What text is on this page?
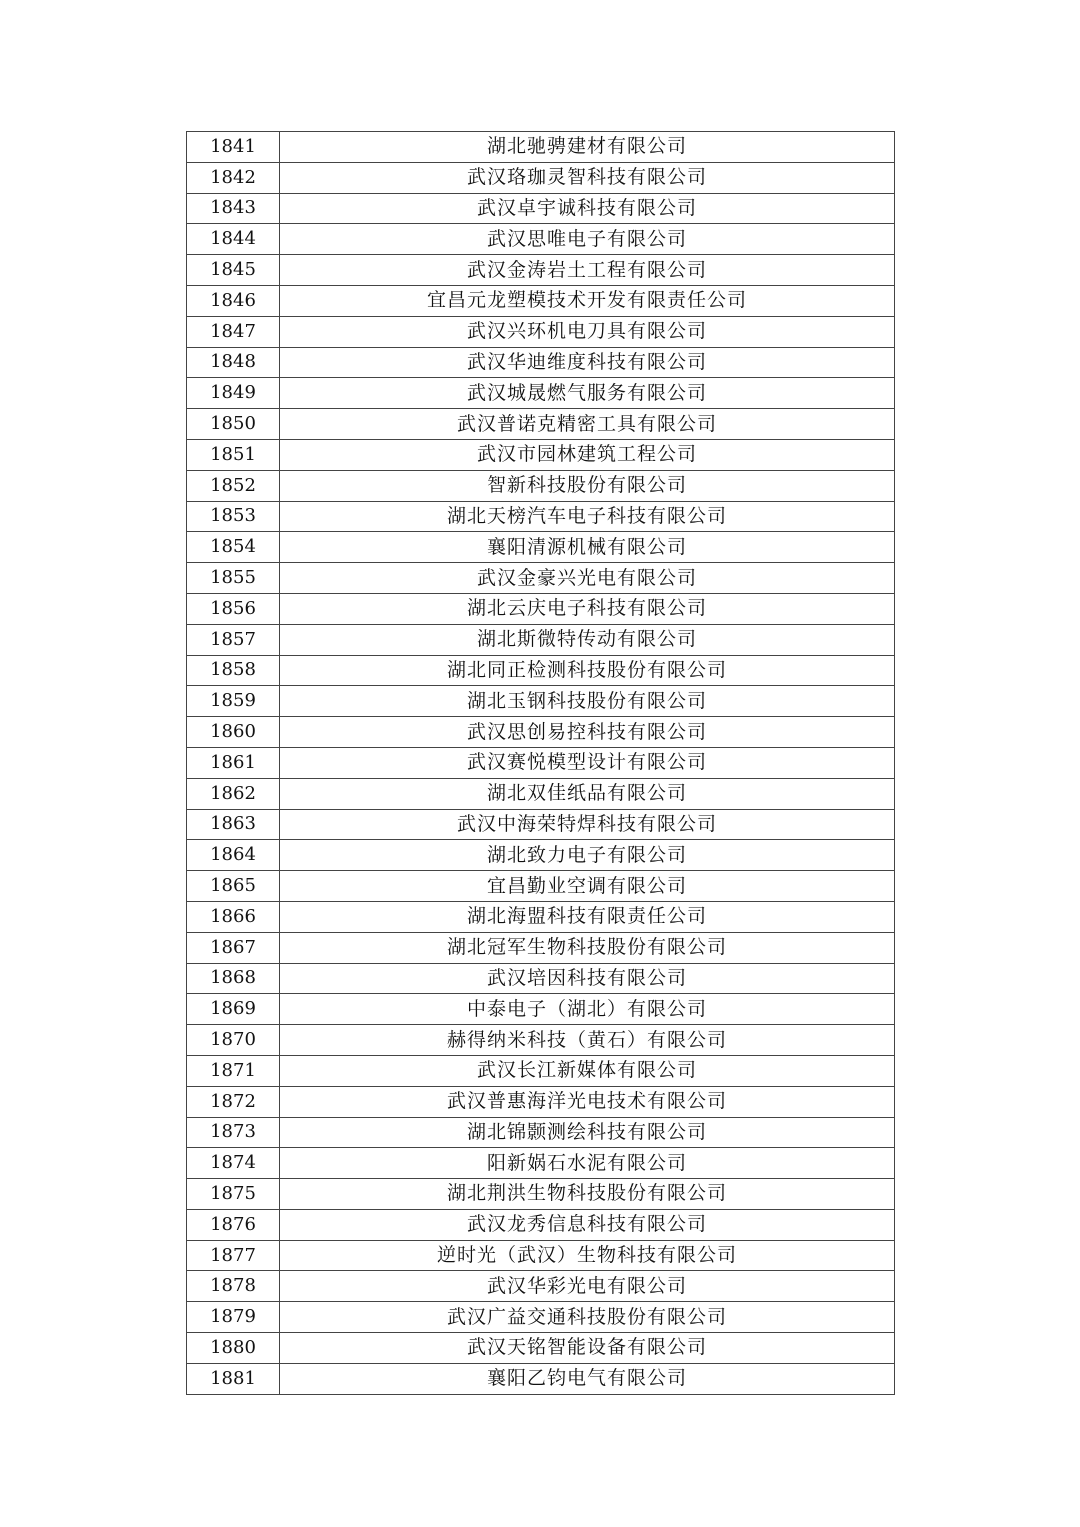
1841	湖北驰骋建材有限公司
1842	武汉珞珈灵智科技有限公司
1843	武汉卓宇诚科技有限公司
1844	武汉思唯电子有限公司
1845	武汉金涛岩土工程有限公司
1846	宜昌元龙塑模技术开发有限责任公司
1847	武汉兴环机电刀具有限公司
1848	武汉华迪维度科技有限公司
1849	武汉城晟燃气服务有限公司
1850	武汉普诺克精密工具有限公司
1851	武汉市园林建筑工程公司
1852	智新科技股份有限公司
1853	湖北天榜汽车电子科技有限公司
1854	襄阳清源机械有限公司
1855	武汉金豪兴光电有限公司
1856	湖北云庆电子科技有限公司
1857	湖北斯微特传动有限公司
1858	湖北同正检测科技股份有限公司
1859	湖北玉钢科技股份有限公司
1860	武汉思创易控科技有限公司
1861	武汉赛悦模型设计有限公司
1862	湖北双佳纸品有限公司
1863	武汉中海荣特焊科技有限公司
1864	湖北致力电子有限公司
1865	宜昌勤业空调有限公司
1866	湖北海盟科技有限责任公司
1867	湖北冠军生物科技股份有限公司
1868	武汉培因科技有限公司
1869	中泰电子（湖北）有限公司
1870	赫得纳米科技（黄石）有限公司
1871	武汉长江新媒体有限公司
1872	武汉普惠海洋光电技术有限公司
1873	湖北锦颢测绘科技有限公司
1874	阳新娲石水泥有限公司
1875	湖北荆洪生物科技股份有限公司
1876	武汉龙秀信息科技有限公司
1877	逆时光（武汉）生物科技有限公司
1878	武汉华彩光电有限公司
1879	武汉广益交通科技股份有限公司
1880	武汉天铭智能设备有限公司
1881	襄阳乙钧电气有限公司
